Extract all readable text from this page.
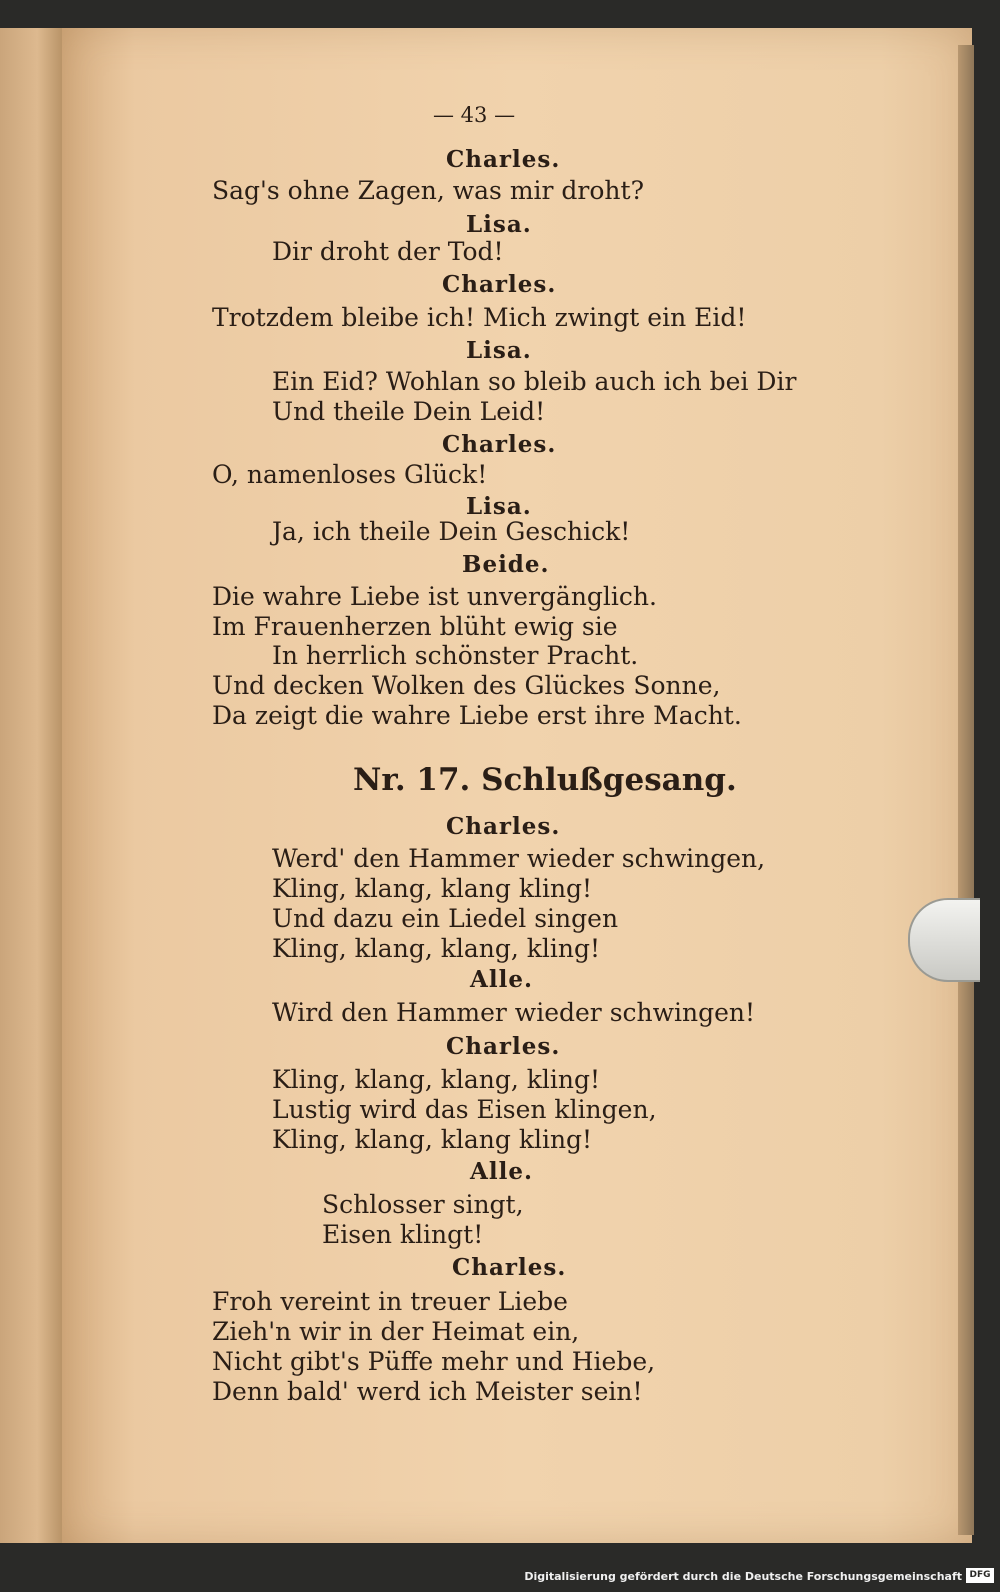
— 43 —
Charles.
Sag's ohne Zagen, was mir droht?
Lisa.
Dir droht der Tod!
Charles.
Trotzdem bleibe ich! Mich zwingt ein Eid!
Lisa.
Ein Eid? Wohlan so bleib auch ich bei Dir
Und theile Dein Leid!
Charles.
O, namenloses Glück!
Lisa.
Ja, ich theile Dein Geschick!
Beide.
Die wahre Liebe ist unvergänglich.
Im Frauenherzen blüht ewig sie
In herrlich schönster Pracht.
Und decken Wolken des Glückes Sonne,
Da zeigt die wahre Liebe erst ihre Macht.
Nr. 17. Schlußgesang.
Charles.
Werd' den Hammer wieder schwingen,
Kling, klang, klang kling!
Und dazu ein Liedel singen
Kling, klang, klang, kling!
Alle.
Wird den Hammer wieder schwingen!
Charles.
Kling, klang, klang, kling!
Lustig wird das Eisen klingen,
Kling, klang, klang kling!
Alle.
Schlosser singt,
Eisen klingt!
Charles.
Froh vereint in treuer Liebe
Zieh'n wir in der Heimat ein,
Nicht gibt's Püffe mehr und Hiebe,
Denn bald' werd ich Meister sein!
Digitalisierung gefördert durch die Deutsche Forschungsgemeinschaft DFG
